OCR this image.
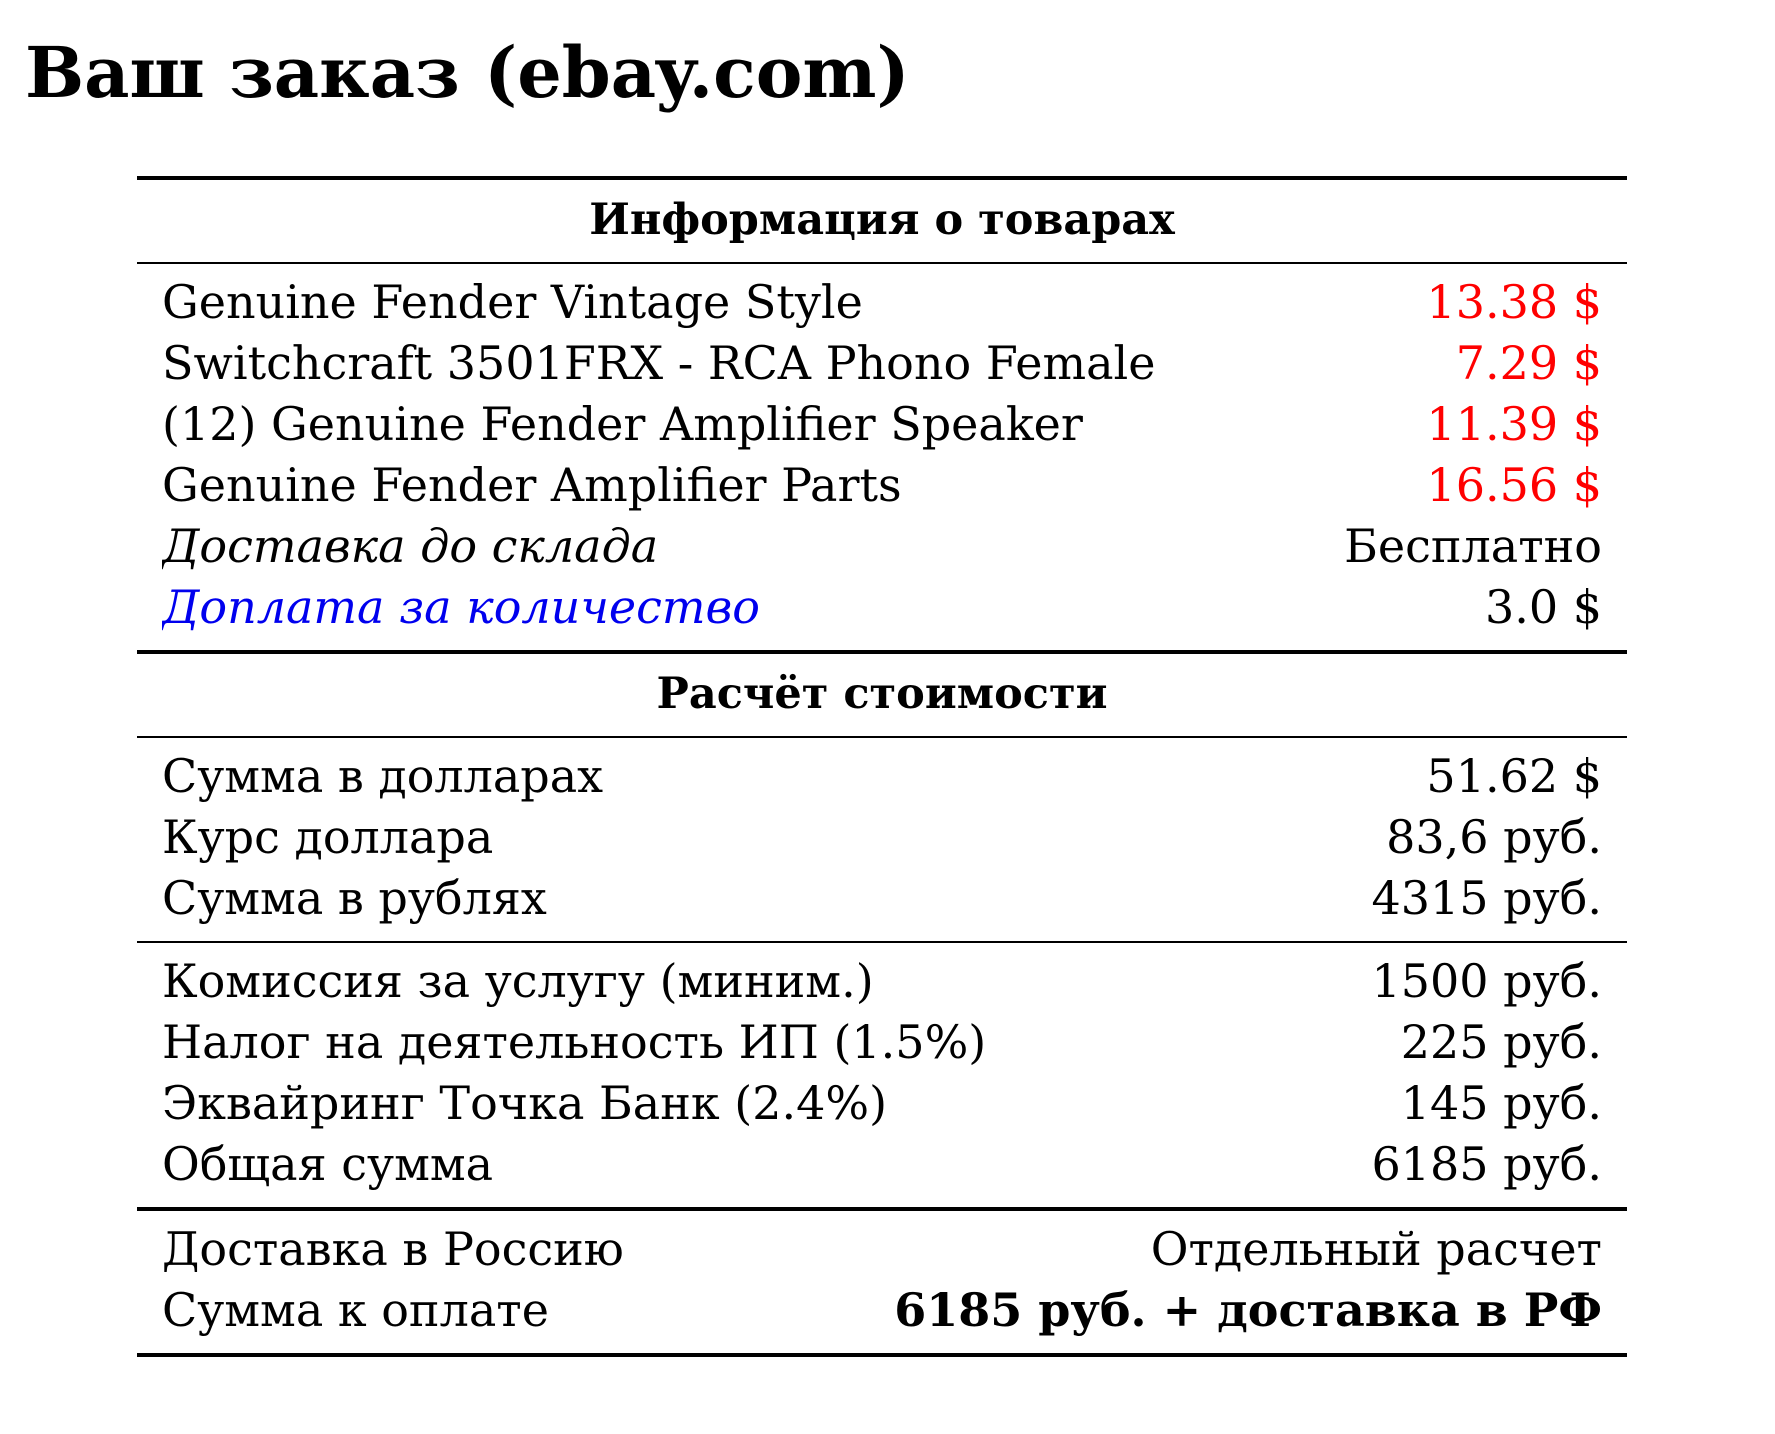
Ваш заказ (ebay.com)
Информация о товарах
Genuine Fender Vintage Style	13.38 $
Switchcraft 3501FRX - RCA Phono Female	7.29 $
(12) Genuine Fender Amplifier Speaker	11.39 $
Genuine Fender Amplifier Parts	16.56 $
Доставка до склада	Бесплатно
Доплата за количество	3.0 $
Расчёт стоимости
Сумма в долларах	51.62 $
Курс доллара	83,6 руб.
Сумма в рублях	4315 руб.
Комиссия за услугу (миним.)	1500 руб.
Налог на деятельность ИП (1.5%)	225 руб.
Эквайринг Точка Банк (2.4%)	145 руб.
Общая сумма	6185 руб.
Доставка в Россию	Отдельный расчет
Сумма к оплате	6185 руб. + доставка в РФ
